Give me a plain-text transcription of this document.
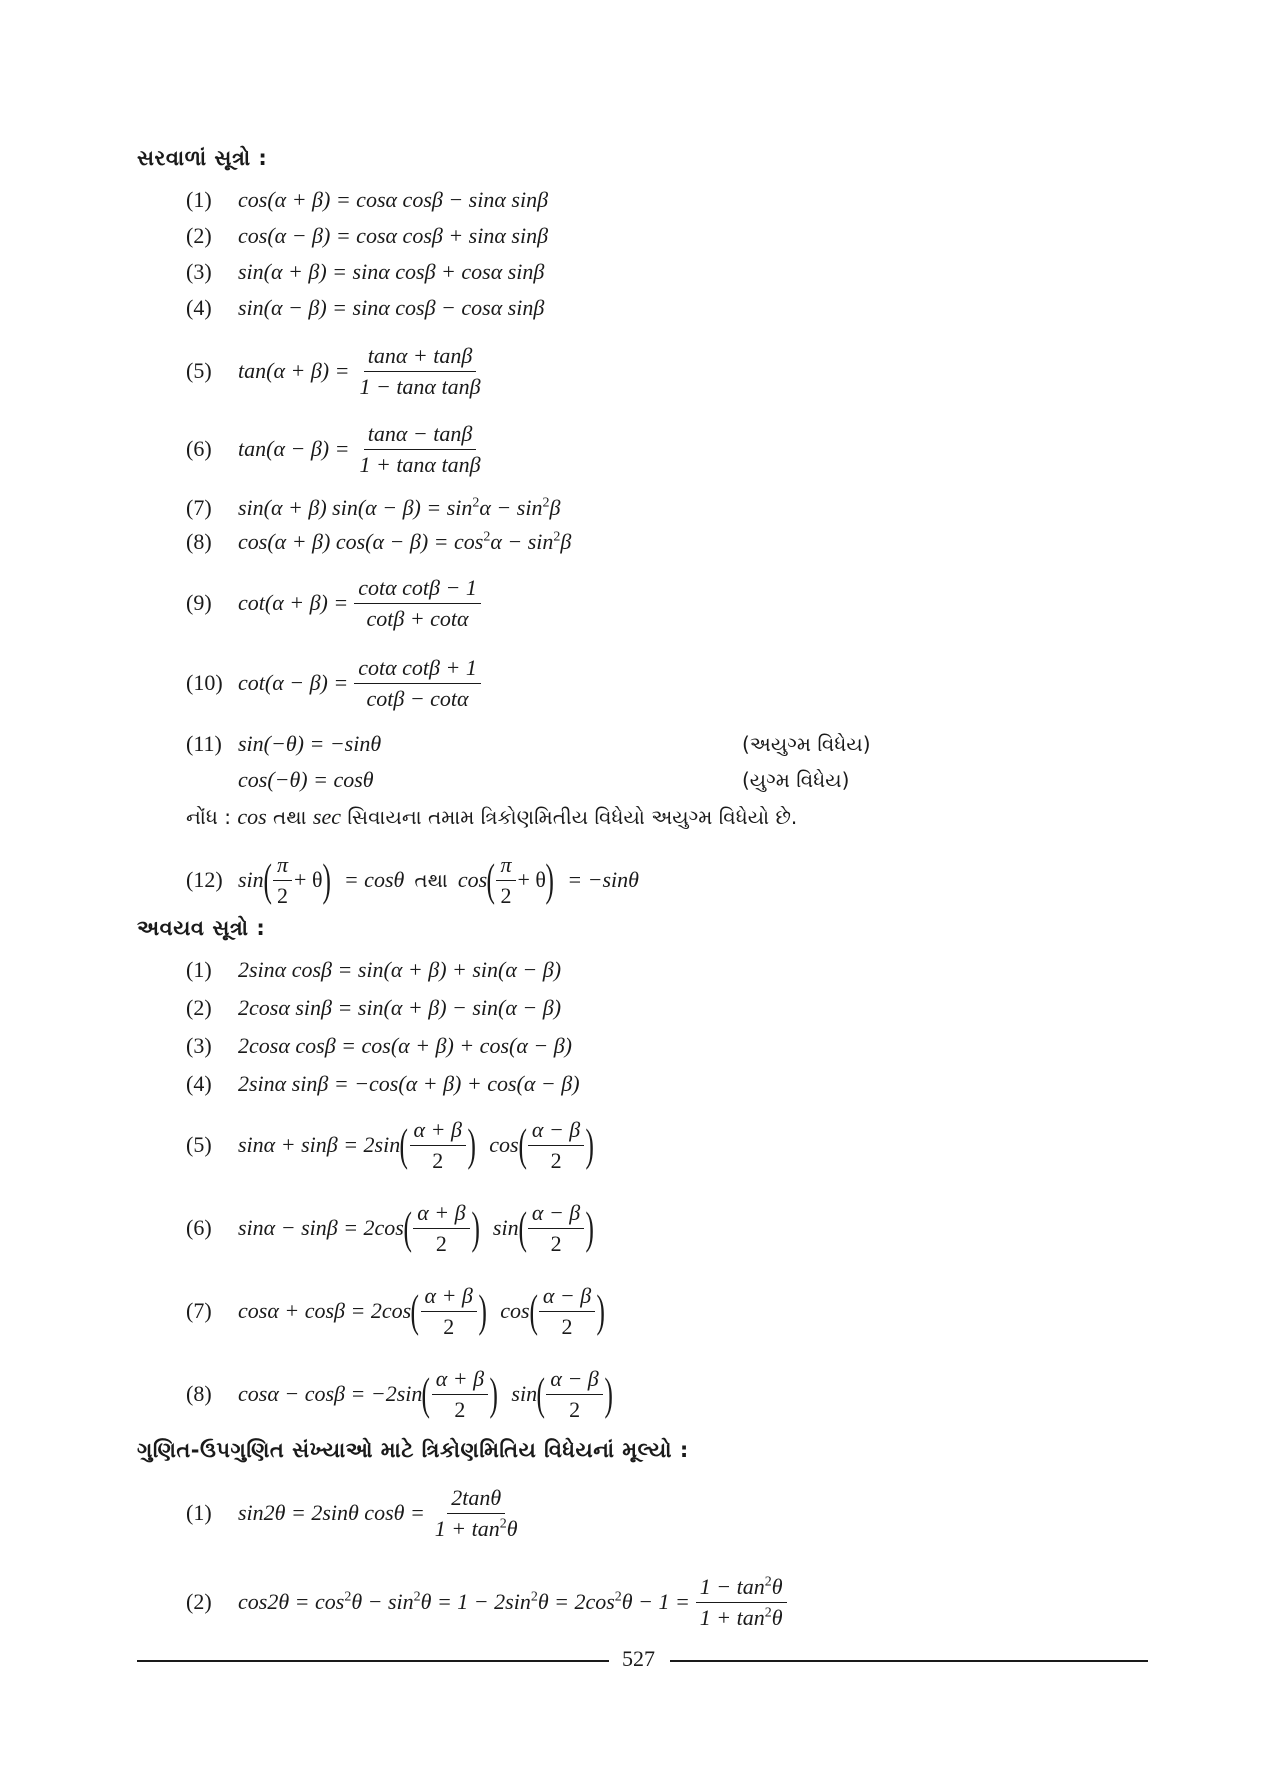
સરવાળાં સૂત્રો :
(1)	cos(α + β) = cosα cosβ − sinα sinβ
(2)	cos(α − β) = cosα cosβ + sinα sinβ
(3)	sin(α + β) = sinα cosβ + cosα sinβ
(4)	sin(α − β) = sinα cosβ − cosα sinβ
(5)	$\tan(\alpha + \beta) = \frac{\tan\alpha + \tan\beta}{\text{1 − tanα tanβ}}$
(6)	$\tan(\alpha - \beta) = \frac{\tan\alpha - \tan\beta}{\text{1 + tanα tanβ}}$
(7)	sin(α + β) $\sin(\alpha - \beta) = \sin^2\alpha - \sin^2\beta$
(8)	cos(α + β) $\cos(\alpha - \beta) = \cos^2\alpha - \sin^2\beta$
(9)	$\cot(\alpha + \beta) = \frac{\text{cotα cotβ − 1}}{\cot\beta + \cot\alpha}$
(10) $\cot(\alpha - \beta) = \frac{\text{cotα cotβ + 1}}{\cot\beta - \cot\alpha}$
(11) sin(−θ) = −sinθ	(અયુગ્મ વિધેય)
cos(−θ) = cosθ	(યુગ્મ વિધેય)
નોંધ : cos તથા sec સિવાયના તમામ ત્રિકોણમિતીય વિધેયો અયુગ્મ વિધેયો છે.
(12) sin ( $\frac{\pi}{2} + \theta$ ) = cosθ તથા cos ( $\frac{\pi}{2} + \theta$ ) = −sinθ
અવયવ સૂત્રો :
(1)	2sinα cosβ = sin(α + β) + sin(α − β)
(2)	2cosα sinβ = sin(α + β) − sin(α − β)
(3)	2cosα cosβ = cos(α + β) + cos(α − β)
(4)	2sinα sinβ = −cos(α + β) + cos(α − β)
(5)	sinα + sinβ = 2sin ( $\frac{\alpha + \beta}{2}$ ) cos ( $\frac{\alpha - \beta}{2}$ )
(6)	sinα − sinβ = 2cos ( $\frac{\alpha + \beta}{2}$ ) sin ( $\frac{\alpha - \beta}{2}$ )
(7)	cosα + cosβ = 2cos ( $\frac{\alpha + \beta}{2}$ ) cos ( $\frac{\alpha - \beta}{2}$ )
(8)	cosα − cosβ = −2sin ( $\frac{\alpha + \beta}{2}$ ) sin ( $\frac{\alpha - \beta}{2}$ )
ગુણિત-ઉપગુણિત સંખ્યાઓ માટે ત્રિકોણમિતિય વિધેયનાં મૂલ્યો :
(1)	sin2θ = 2sinθ $\cos\theta = \frac{2\tan\theta}{1 + \tan^2\theta}$
(2)	$\cos 2\theta = \cos^2\theta - \sin^2\theta = 1 - 2\sin^2\theta = 2\cos^2\theta - 1 = \frac{1 - \tan^2\theta}{1 + \tan^2\theta}$
527
